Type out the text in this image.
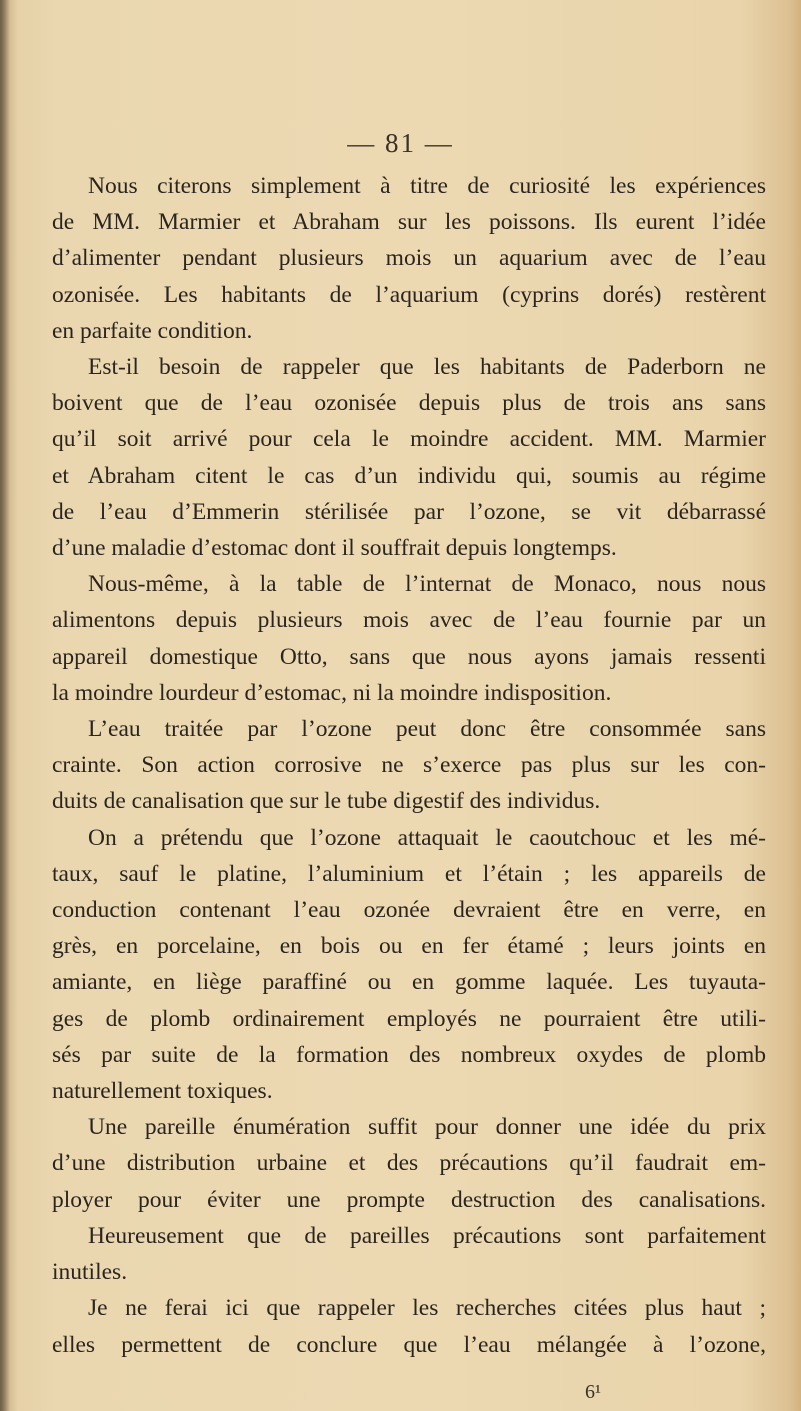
— 81 —
Nous citerons simplement à titre de curiosité les expériences
de MM. Marmier et Abraham sur les poissons. Ils eurent l’idée
d’alimenter pendant plusieurs mois un aquarium avec de l’eau
ozonisée. Les habitants de l’aquarium (cyprins dorés) restèrent
en parfaite condition.
Est-il besoin de rappeler que les habitants de Paderborn ne
boivent que de l’eau ozonisée depuis plus de trois ans sans
qu’il soit arrivé pour cela le moindre accident. MM. Marmier
et Abraham citent le cas d’un individu qui, soumis au régime
de l’eau d’Emmerin stérilisée par l’ozone, se vit débarrassé
d’une maladie d’estomac dont il souffrait depuis longtemps.
Nous-même, à la table de l’internat de Monaco, nous nous
alimentons depuis plusieurs mois avec de l’eau fournie par un
appareil domestique Otto, sans que nous ayons jamais ressenti
la moindre lourdeur d’estomac, ni la moindre indisposition.
L’eau traitée par l’ozone peut donc être consommée sans
crainte. Son action corrosive ne s’exerce pas plus sur les con-
duits de canalisation que sur le tube digestif des individus.
On a prétendu que l’ozone attaquait le caoutchouc et les mé-
taux, sauf le platine, l’aluminium et l’étain ; les appareils de
conduction contenant l’eau ozonée devraient être en verre, en
grès, en porcelaine, en bois ou en fer étamé ; leurs joints en
amiante, en liège paraffiné ou en gomme laquée. Les tuyauta-
ges de plomb ordinairement employés ne pourraient être utili-
sés par suite de la formation des nombreux oxydes de plomb
naturellement toxiques.
Une pareille énumération suffit pour donner une idée du prix
d’une distribution urbaine et des précautions qu’il faudrait em-
ployer pour éviter une prompte destruction des canalisations.
Heureusement que de pareilles précautions sont parfaitement
inutiles.
Je ne ferai ici que rappeler les recherches citées plus haut ;
elles permettent de conclure que l’eau mélangée à l’ozone,
6¹
